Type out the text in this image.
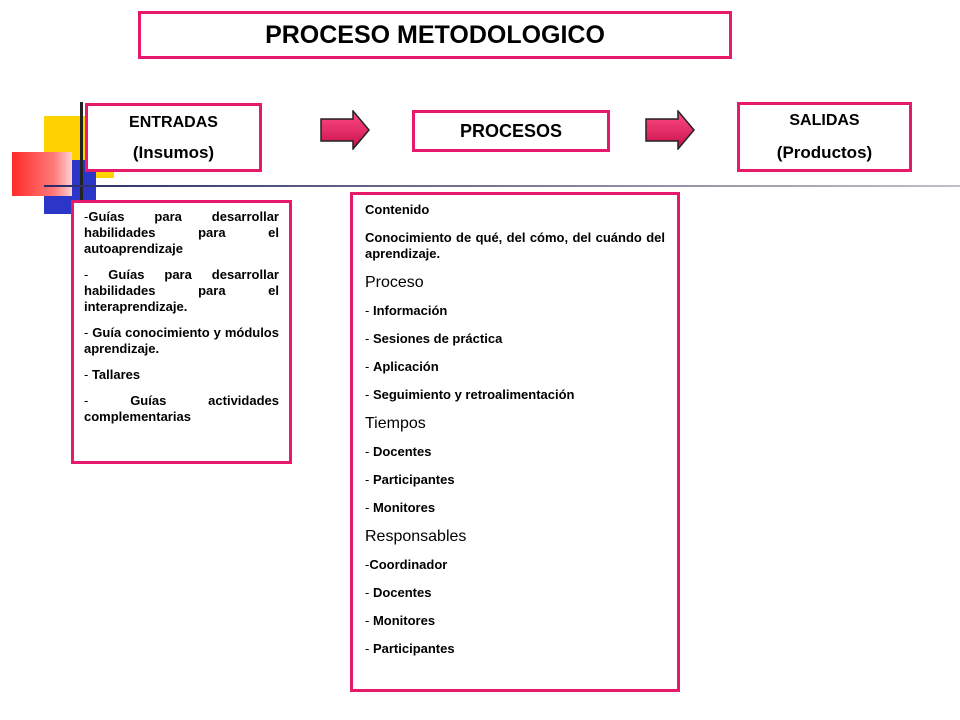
PROCESO METODOLOGICO
ENTRADAS
(Insumos)
PROCESOS	SALIDAS
(Productos)
-Guías para desarrollar habilidades para el autoaprendizaje
- Guías para desarrollar habilidades para el interaprendizaje.
- Guía conocimiento y módulos aprendizaje.
- Tallares
- Guías actividades complementarias
Contenido
Conocimiento de qué, del cómo, del cuándo del aprendizaje.
Proceso
- Información
- Sesiones de práctica
- Aplicación
- Seguimiento y retroalimentación
Tiempos
- Docentes
- Participantes
- Monitores
Responsables
-Coordinador
- Docentes
- Monitores
- Participantes
